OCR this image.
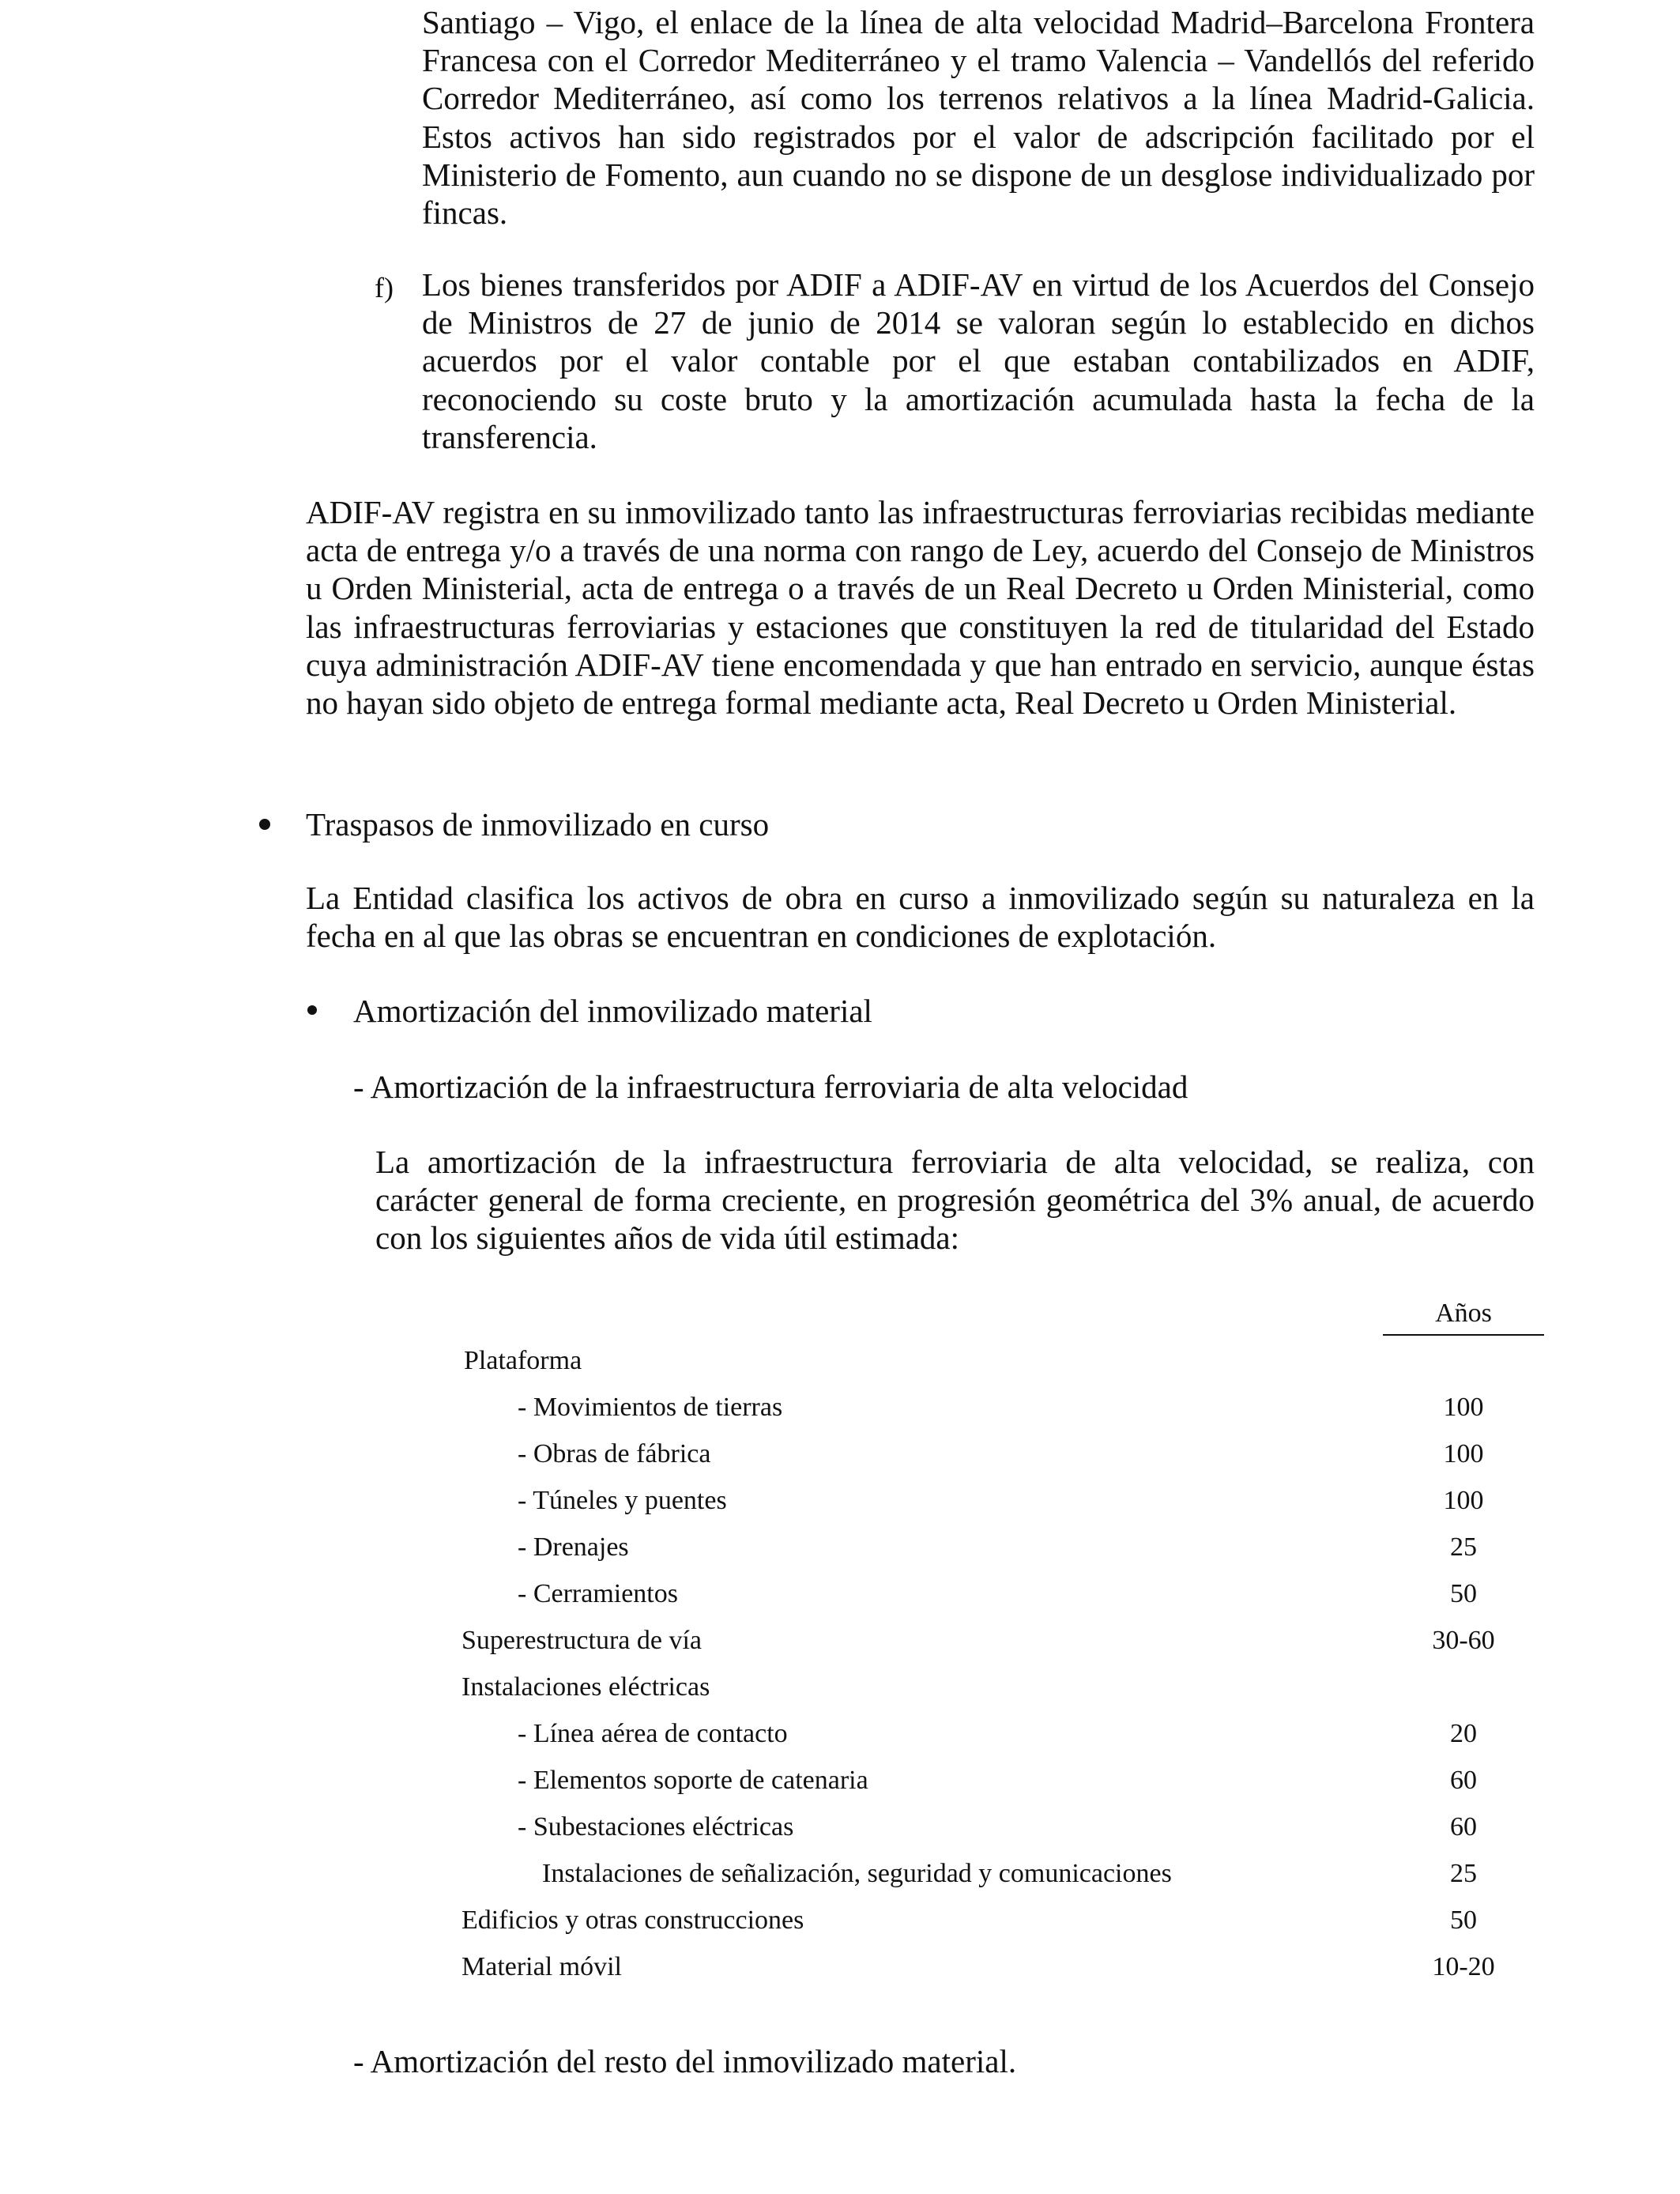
Santiago – Vigo, el enlace de la línea de alta velocidad Madrid–Barcelona Frontera Francesa con el Corredor Mediterráneo y el tramo Valencia – Vandellós del referido Corredor Mediterráneo, así como los terrenos relativos a la línea Madrid-Galicia. Estos activos han sido registrados por el valor de adscripción facilitado por el Ministerio de Fomento, aun cuando no se dispone de un desglose individualizado por fincas.

f) Los bienes transferidos por ADIF a ADIF-AV en virtud de los Acuerdos del Consejo de Ministros de 27 de junio de 2014 se valoran según lo establecido en dichos acuerdos por el valor contable por el que estaban contabilizados en ADIF, reconociendo su coste bruto y la amortización acumulada hasta la fecha de la transferencia.

ADIF-AV registra en su inmovilizado tanto las infraestructuras ferroviarias recibidas mediante acta de entrega y/o a través de una norma con rango de Ley, acuerdo del Consejo de Ministros u Orden Ministerial, acta de entrega o a través de un Real Decreto u Orden Ministerial, como las infraestructuras ferroviarias y estaciones que constituyen la red de titularidad del Estado cuya administración ADIF-AV tiene encomendada y que han entrado en servicio, aunque éstas no hayan sido objeto de entrega formal mediante acta, Real Decreto u Orden Ministerial.

Traspasos de inmovilizado en curso

La Entidad clasifica los activos de obra en curso a inmovilizado según su naturaleza en la fecha en al que las obras se encuentran en condiciones de explotación.

Amortización del inmovilizado material

- Amortización de la infraestructura ferroviaria de alta velocidad

La amortización de la infraestructura ferroviaria de alta velocidad, se realiza, con carácter general de forma creciente, en progresión geométrica del 3% anual, de acuerdo con los siguientes años de vida útil estimada:

Años
Plataforma
- Movimientos de tierras	100
- Obras de fábrica	100
- Túneles y puentes	100
- Drenajes	25
- Cerramientos	50
Superestructura de vía	30-60
Instalaciones eléctricas
- Línea aérea de contacto	20
- Elementos soporte de catenaria	60
- Subestaciones eléctricas	60
Instalaciones de señalización, seguridad y comunicaciones	25
Edificios y otras construcciones	50
Material móvil	10-20

- Amortización del resto del inmovilizado material.
